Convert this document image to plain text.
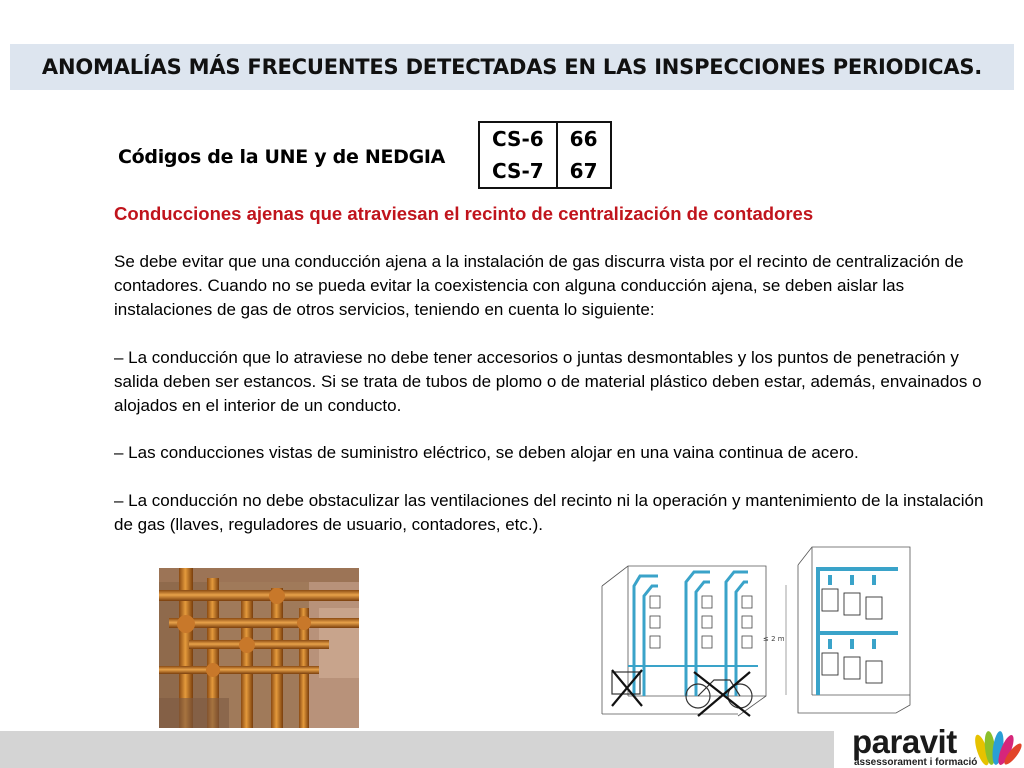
ANOMALÍAS MÁS FRECUENTES DETECTADAS EN LAS INSPECCIONES PERIODICAS.
Códigos de la UNE y de NEDGIA
CS-6	66
CS-7	67
Conducciones ajenas que atraviesan el recinto de centralización de contadores

Se debe evitar que una conducción ajena a la instalación de gas discurra vista por el recinto de centralización de contadores. Cuando no se pueda evitar la coexistencia con alguna conducción ajena, se deben aislar las instalaciones de gas de otros servicios, teniendo en cuenta lo siguiente:

– La conducción que lo atraviese no debe tener accesorios o juntas desmontables y los puntos de penetración y salida deben ser estancos. Si se trata de tubos de plomo o de material plástico deben estar, además, envainados o alojados en el interior de un conducto.

– Las conducciones vistas de suministro eléctrico, se deben alojar en una vaina continua de acero.

– La conducción no debe obstaculizar las ventilaciones del recinto ni la operación y mantenimiento de la instalación de gas (llaves, reguladores de usuario, contadores, etc.).

≤ 2 m
paravit
assessorament i formació
